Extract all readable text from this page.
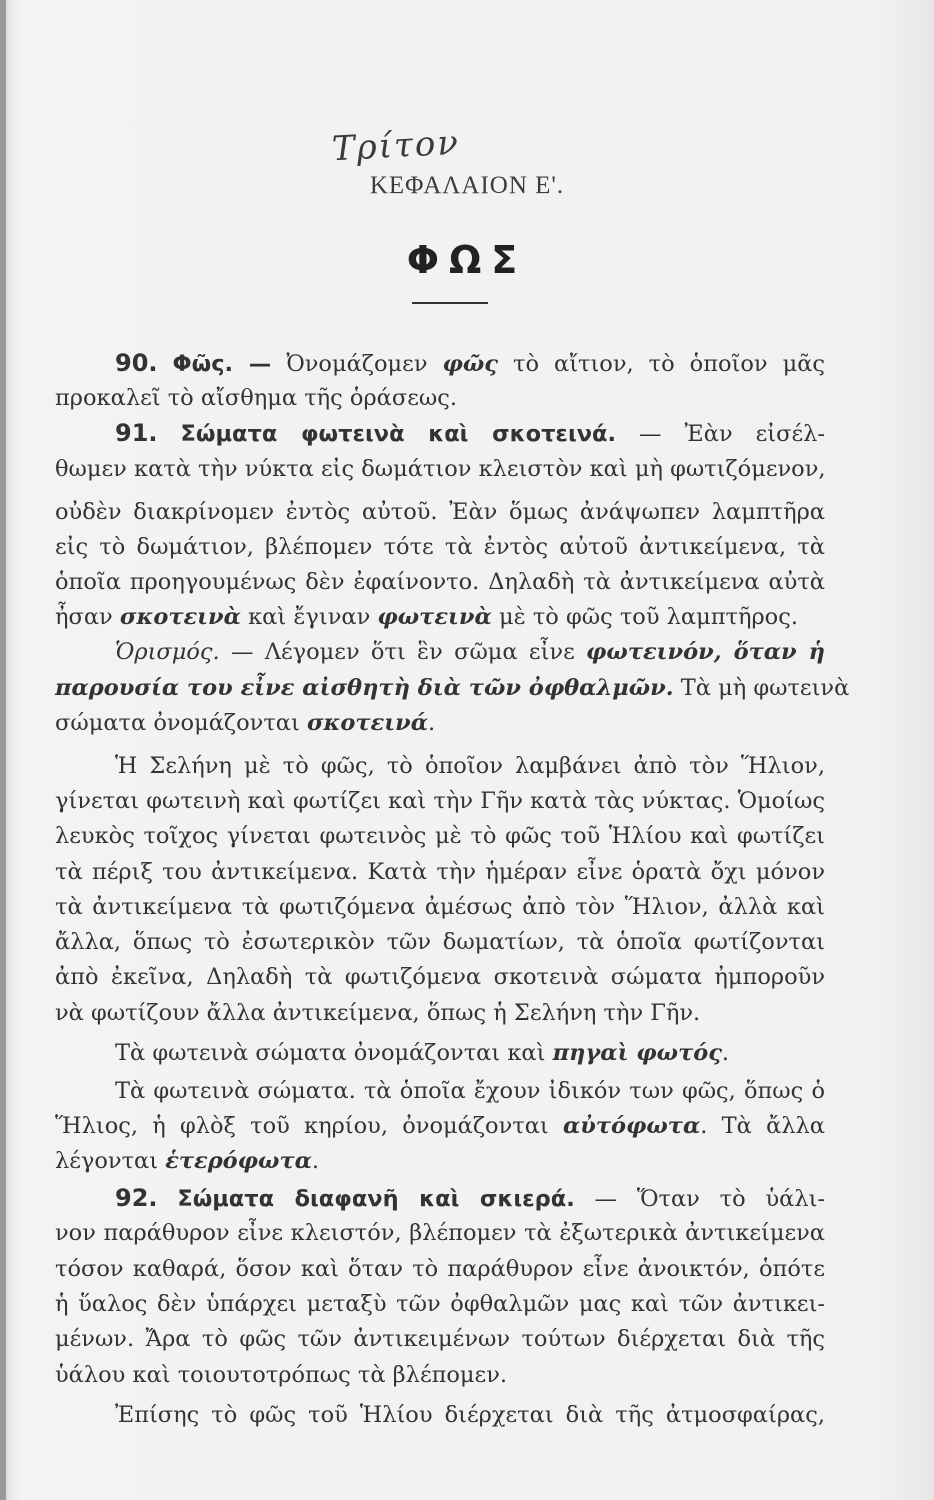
Τρίτον
ΚΕΦΑΛΑΙΟΝ Ε'.
ΦΩΣ
90. Φῶς. — Ὀνομάζομεν φῶς τὸ αἴτιον, τὸ ὁποῖον μᾶς
προκαλεῖ τὸ αἴσθημα τῆς ὁράσεως.
91. Σώματα φωτεινὰ καὶ σκοτεινά. — Ἐὰν εἰσέλ-
θωμεν κατὰ τὴν νύκτα εἰς δωμάτιον κλειστὸν καὶ μὴ φωτιζόμενον,
οὐδὲν διακρίνομεν ἐντὸς αὐτοῦ. Ἐὰν ὅμως ἀνάψωπεν λαμπτῆρα
εἰς τὸ δωμάτιον, βλέπομεν τότε τὰ ἐντὸς αὐτοῦ ἀντικείμενα, τὰ
ὁποῖα προηγουμένως δὲν ἐφαίνοντο. Δηλαδὴ τὰ ἀντικείμενα αὐτὰ
ἦσαν σκοτεινὰ καὶ ἔγιναν φωτεινὰ μὲ τὸ φῶς τοῦ λαμπτῆρος.
Ὁρισμός. — Λέγομεν ὅτι ἓν σῶμα εἶνε φωτεινόν, ὅταν ἡ
παρουσία του εἶνε αἰσθητὴ διὰ τῶν ὀφθαλμῶν. Τὰ μὴ φωτεινὰ
σώματα ὀνομάζονται σκοτεινά.
Ἡ Σελήνη μὲ τὸ φῶς, τὸ ὁποῖον λαμβάνει ἀπὸ τὸν Ἥλιον,
γίνεται φωτεινὴ καὶ φωτίζει καὶ τὴν Γῆν κατὰ τὰς νύκτας. Ὁμοίως
λευκὸς τοῖχος γίνεται φωτεινὸς μὲ τὸ φῶς τοῦ Ἡλίου καὶ φωτίζει
τὰ πέριξ του ἀντικείμενα. Κατὰ τὴν ἡμέραν εἶνε ὁρατὰ ὄχι μόνον
τὰ ἀντικείμενα τὰ φωτιζόμενα ἀμέσως ἀπὸ τὸν Ἥλιον, ἀλλὰ καὶ
ἄλλα, ὅπως τὸ ἐσωτερικὸν τῶν δωματίων, τὰ ὁποῖα φωτίζονται
ἀπὸ ἐκεῖνα, Δηλαδὴ τὰ φωτιζόμενα σκοτεινὰ σώματα ἠμποροῦν
νὰ φωτίζουν ἄλλα ἀντικείμενα, ὅπως ἡ Σελήνη τὴν Γῆν.
Τὰ φωτεινὰ σώματα ὀνομάζονται καὶ πηγαὶ φωτός.
Τὰ φωτεινὰ σώματα. τὰ ὁποῖα ἔχουν ἰδικόν των φῶς, ὅπως ὁ
Ἥλιος, ἡ φλὸξ τοῦ κηρίου, ὀνομάζονται αὐτόφωτα. Τὰ ἄλλα
λέγονται ἑτερόφωτα.
92. Σώματα διαφανῆ καὶ σκιερά. — Ὅταν τὸ ὑάλι-
νον παράθυρον εἶνε κλειστόν, βλέπομεν τὰ ἐξωτερικὰ ἀντικείμενα
τόσον καθαρά, ὅσον καὶ ὅταν τὸ παράθυρον εἶνε ἀνοικτόν, ὁπότε
ἡ ὕαλος δὲν ὑπάρχει μεταξὺ τῶν ὀφθαλμῶν μας καὶ τῶν ἀντικει-
μένων. Ἄρα τὸ φῶς τῶν ἀντικειμένων τούτων διέρχεται διὰ τῆς
ὑάλου καὶ τοιουτοτρόπως τὰ βλέπομεν.
Ἐπίσης τὸ φῶς τοῦ Ἡλίου διέρχεται διὰ τῆς ἀτμοσφαίρας,
